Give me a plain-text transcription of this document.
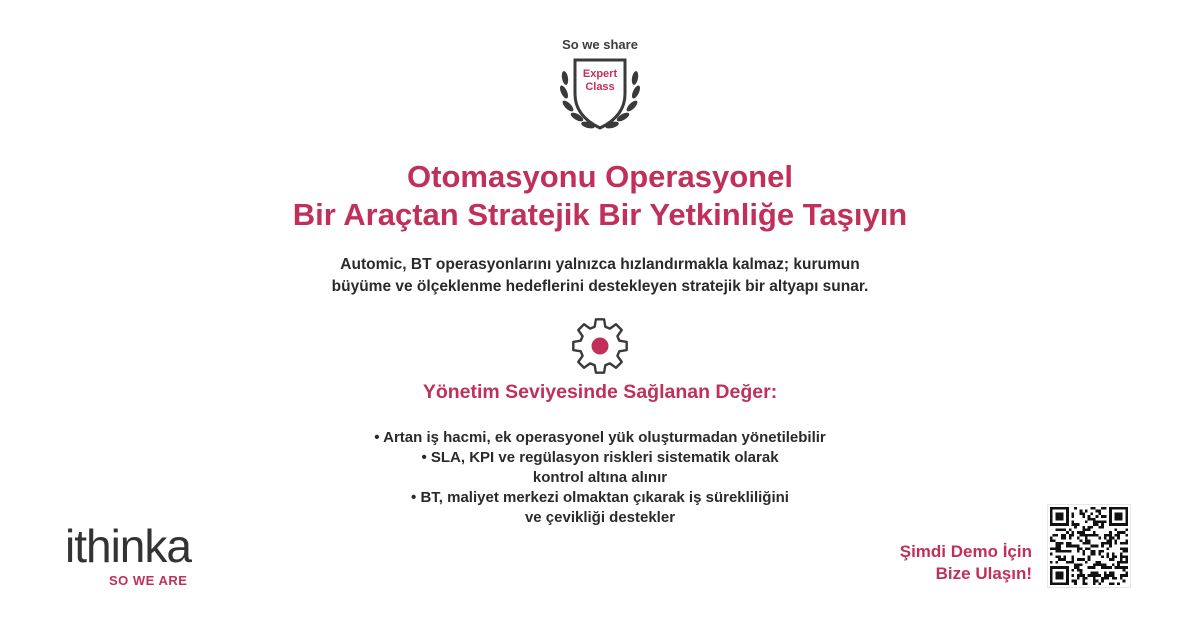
So we share
Expert
Class
Otomasyonu Operasyonel
Bir Araçtan Stratejik Bir Yetkinliğe Taşıyın
Automic, BT operasyonlarını yalnızca hızlandırmakla kalmaz; kurumun
büyüme ve ölçeklenme hedeflerini destekleyen stratejik bir altyapı sunar.
Yönetim Seviyesinde Sağlanan Değer:
• Artan iş hacmi, ek operasyonel yük oluşturmadan yönetilebilir
• SLA, KPI ve regülasyon riskleri sistematik olarak
kontrol altına alınır
• BT, maliyet merkezi olmaktan çıkarak iş sürekliliğini
ve çevikliği destekler
ithinka
SO WE ARE
Şimdi Demo İçin
Bize Ulaşın!
